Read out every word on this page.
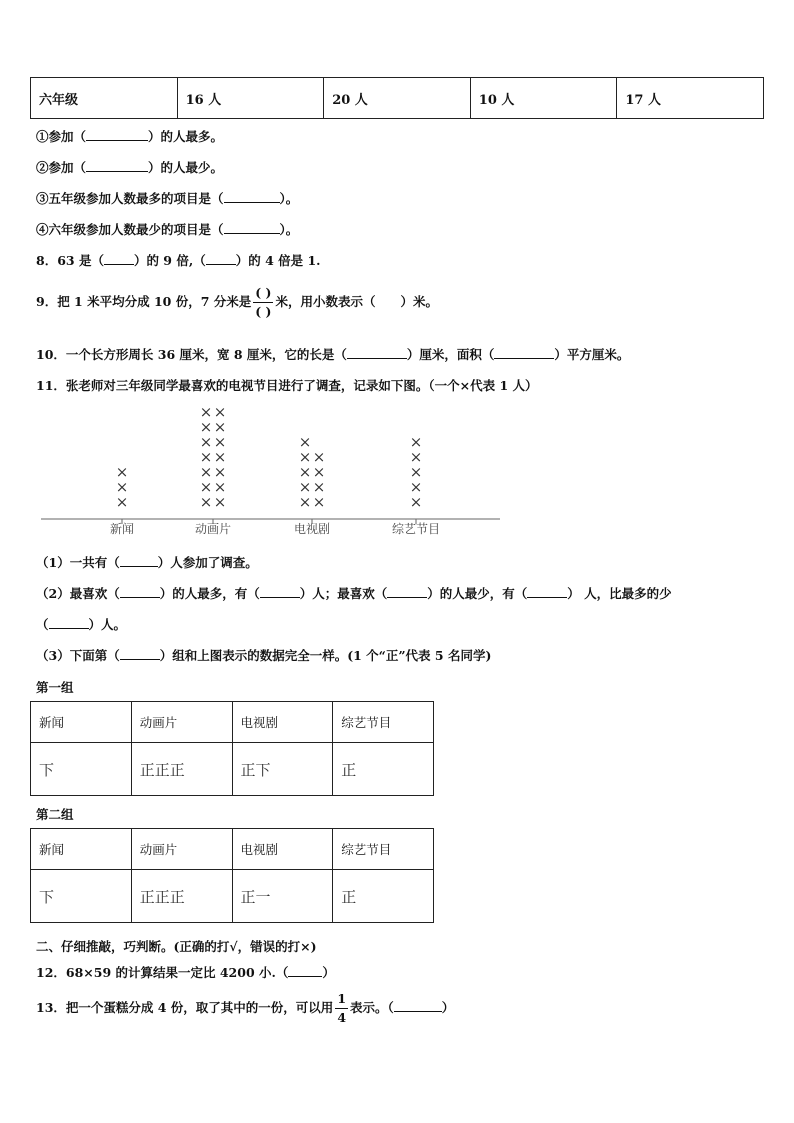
六年级	16 人	20 人	10 人	17 人
①参加（	）的人最多。
②参加（	）的人最少。
③五年级参加人数最多的项目是（	）。
④六年级参加人数最少的项目是（	）。
8．63 是（ ）的 9 倍,（ ）的 4 倍是 1.
9．把 1 米平均分成 10 份，7 分米是 $\frac{( )}{( )}$ 米，用小数表示（　　）米。
10．一个长方形周长 36 厘米，宽 8 厘米，它的长是（	）厘米，面积（	）平方厘米。
11．张老师对三年级同学最喜欢的电视节目进行了调查，记录如下图。（一个×代表 1 人）
新闻
×
×
×
动画片
×
×
×
×
×
×
×
×
×
×
×
×
×
×
电视剧
×
×
×
×
×
×
×
×
×
综艺节目
×
×
×
×
×
（1）一共有（	）人参加了调查。
（2）最喜欢（	）的人最多，有（	）人；最喜欢（	）的人最少，有（	） 人，比最多的少
（	）人。
（3）下面第（	）组和上图表示的数据完全一样。(1 个“正”代表 5 名同学)
第一组
新闻	动画片	电视剧	综艺节目
下	正正正	正下	正
第二组
新闻	动画片	电视剧	综艺节目
下	正正正	正一	正
二、仔细推敲，巧判断。(正确的打√，错误的打×)
12．68×59 的计算结果一定比 4200 小.（	）
13．把一个蛋糕分成 4 份，取了其中的一份，可以用 $\frac{1}{4}$ 表示。（	）
